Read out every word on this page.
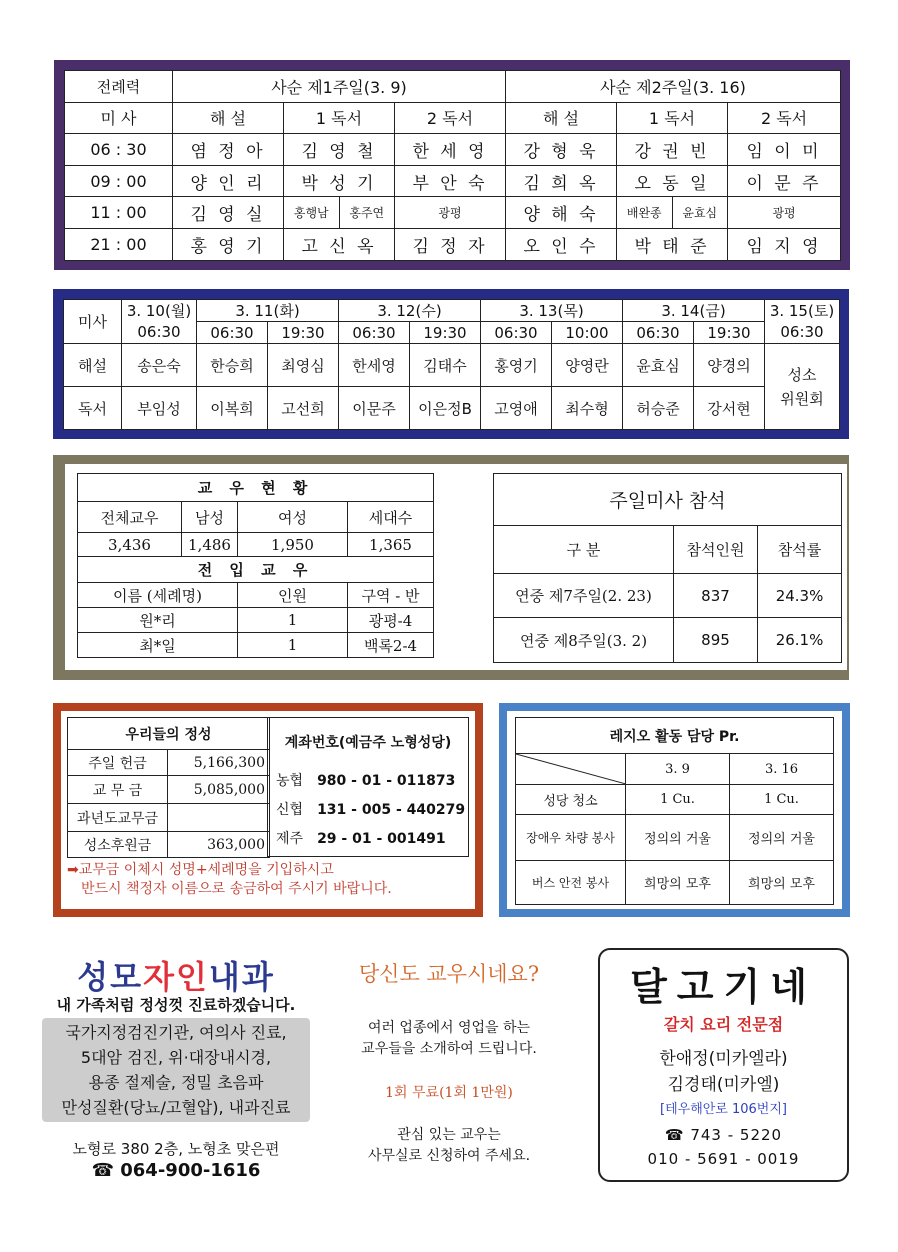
전례력	사순 제1주일(3. 9)			사순 제2주일(3. 16)		
미 사	해 설	1 독서	2 독서	해 설	1 독서	2 독서
06 : 30	염 정 아	김 영 철	한 세 영	강 형 욱	강 권 빈	임 이 미
09 : 00	양 인 리	박 성 기	부 안 숙	김 희 옥	오 동 일	이 문 주
11 : 00	김 영 실	홍행남 홍주연	광평	양 해 숙	배완종 윤효심	광평
21 : 00	홍 영 기	고 신 옥	김 정 자	오 인 수	박 태 준	임 지 영
미사	3. 10(월)	3. 11(화)		3. 12(수)		3. 13(목)		3. 14(금)		3. 15(토)
	06:30	06:30	19:30	06:30	19:30	06:30	10:00	06:30	19:30	06:30
해설	송은숙	한승희	최영심	한세영	김태수	홍영기	양영란	윤효심	양경의	성소
위원회
독서	부임성	이복희	고선희	이문주	이은정B	고영애	최수형	허승준	강서현	
교 우 현 황			
전체교우	남성	여성	세대수
3,436	1,486	1,950	1,365
전 입 교 우			
이름 (세례명)		인원	구역 - 반
원*리		1	광평-4
최*일		1	백록2-4
주일미사 참석		
구 분	참석인원	참석률
연중 제7주일(2. 23)	837	24.3%
연중 제8주일(3. 2)	895	26.1%
우리들의 정성	
주일 헌금	5,166,300
교 무 금	5,085,000
과년도교무금	
성소후원금	363,000
계좌번호(예금주 노형성당)
농협 980 - 01 - 011873
신협 131 - 005 - 440279
제주 29 - 01 - 001491
➡교무금 이체시 성명+세례명을 기입하시고
반드시 책정자 이름으로 송금하여 주시기 바랍니다.
레지오 활동 담당 Pr.		

	3. 9	3. 16
성당 청소	1 Cu.	1 Cu.
장애우 차량 봉사	정의의 거울	정의의 거울
버스 안전 봉사	희망의 모후	희망의 모후
성모자인내과
내 가족처럼 정성껏 진료하겠습니다.
국가지정검진기관, 여의사 진료,
5대암 검진, 위·대장내시경,
용종 절제술, 정밀 초음파
만성질환(당뇨/고혈압), 내과진료
노형로 380 2층, 노형초 맞은편
☎ 064-900-1616
당신도 교우시네요?
여러 업종에서 영업을 하는
교우들을 소개하여 드립니다.
1회 무료(1회 1만원)
관심 있는 교우는
사무실로 신청하여 주세요.
달고기네
갈치 요리 전문점
한애정(미카엘라)
김경태(미카엘)
[테우해안로 106번지]
☎ 743 - 5220
010 - 5691 - 0019
